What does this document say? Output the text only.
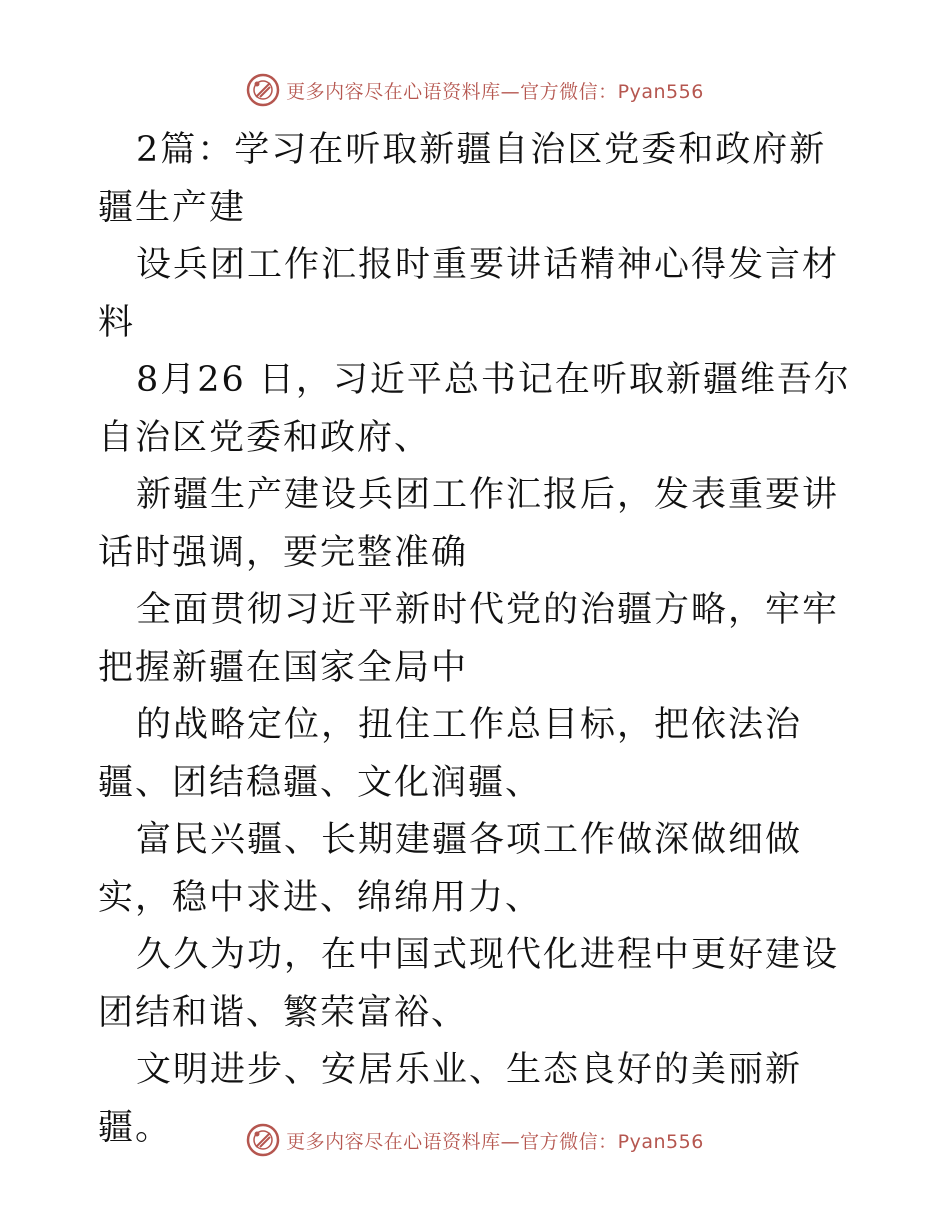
更多内容尽在心语资料库—官方微信：Pyan556

2篇：学习在听取新疆自治区党委和政府新疆生产建

设兵团工作汇报时重要讲话精神心得发言材料

8月26 日，习近平总书记在听取新疆维吾尔自治区党委和政府、

新疆生产建设兵团工作汇报后，发表重要讲话时强调，要完整准确

全面贯彻习近平新时代党的治疆方略，牢牢把握新疆在国家全局中

的战略定位，扭住工作总目标，把依法治疆、团结稳疆、文化润疆、

富民兴疆、长期建疆各项工作做深做细做实，稳中求进、绵绵用力、

久久为功，在中国式现代化进程中更好建设团结和谐、繁荣富裕、

文明进步、安居乐业、生态良好的美丽新疆。	更多内容尽在心语资料库—官方微信：Pyan556
